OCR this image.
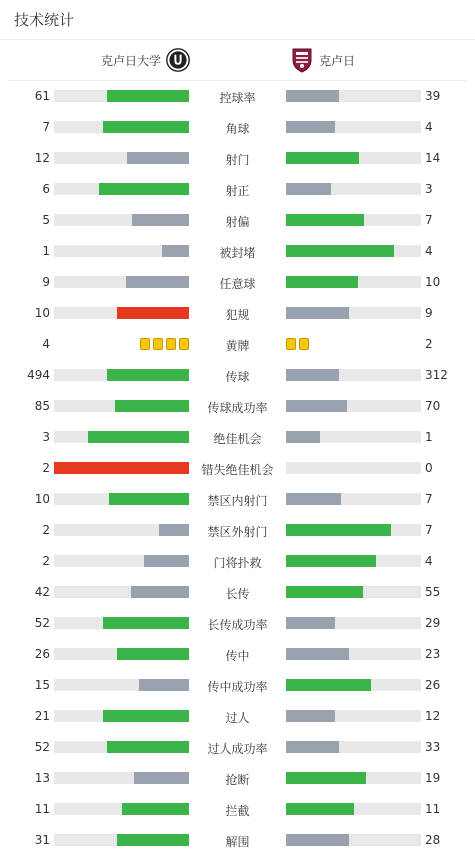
技术统计
克卢日大学	克卢日
61	控球率	39
7	角球	4
12	射门	14
6	射正	3
5	射偏	7
1	被封堵	4
9	任意球	10
10	犯规	9
4	黄牌	2
494	传球	312
85	传球成功率	70
3	绝佳机会	1
2	错失绝佳机会	0
10	禁区内射门	7
2	禁区外射门	7
2	门将扑救	4
42	长传	55
52	长传成功率	29
26	传中	23
15	传中成功率	26
21	过人	12
52	过人成功率	33
13	抢断	19
11	拦截	11
31	解围	28
